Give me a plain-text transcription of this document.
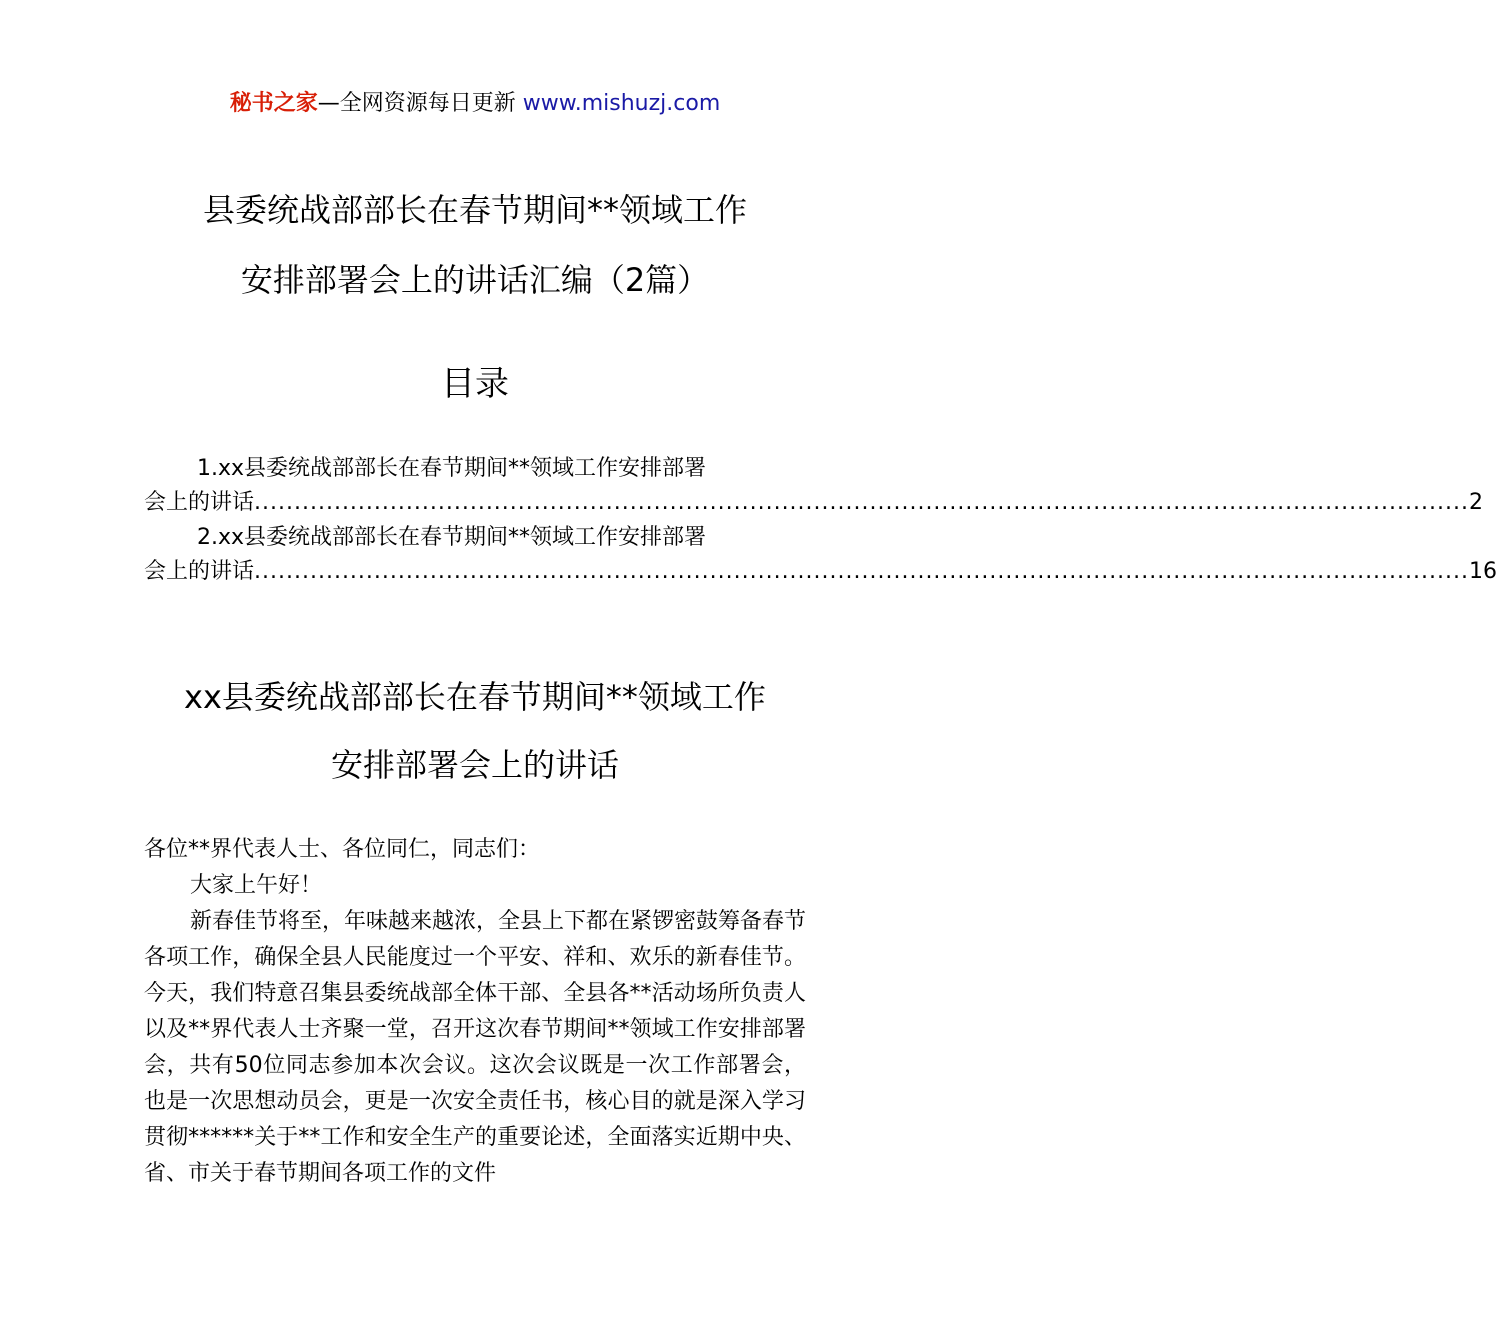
秘书之家—全网资源每日更新 www.mishuzj.com
县委统战部部长在春节期间**领域工作
安排部署会上的讲话汇编（2篇）
目录
1.xx县委统战部部长在春节期间**领域工作安排部署
会上的讲话 ........................................................................................................................................................ 2
2.xx县委统战部部长在春节期间**领域工作安排部署
会上的讲话 ........................................................................................................................................................ 16
xx县委统战部部长在春节期间**领域工作
安排部署会上的讲话

各位**界代表人士、各位同仁，同志们：

大家上午好！

新春佳节将至，年味越来越浓，全县上下都在紧锣密鼓筹备春节各项工作，确保全县人民能度过一个平安、祥和、欢乐的新春佳节。今天，我们特意召集县委统战部全体干部、全县各**活动场所负责人以及**界代表人士齐聚一堂，召开这次春节期间**领域工作安排部署会，共有50位同志参加本次会议。这次会议既是一次工作部署会，也是一次思想动员会，更是一次安全责任书，核心目的就是深入学习贯彻******关于**工作和安全生产的重要论述，全面落实近期中央、省、市关于春节期间各项工作的文件
